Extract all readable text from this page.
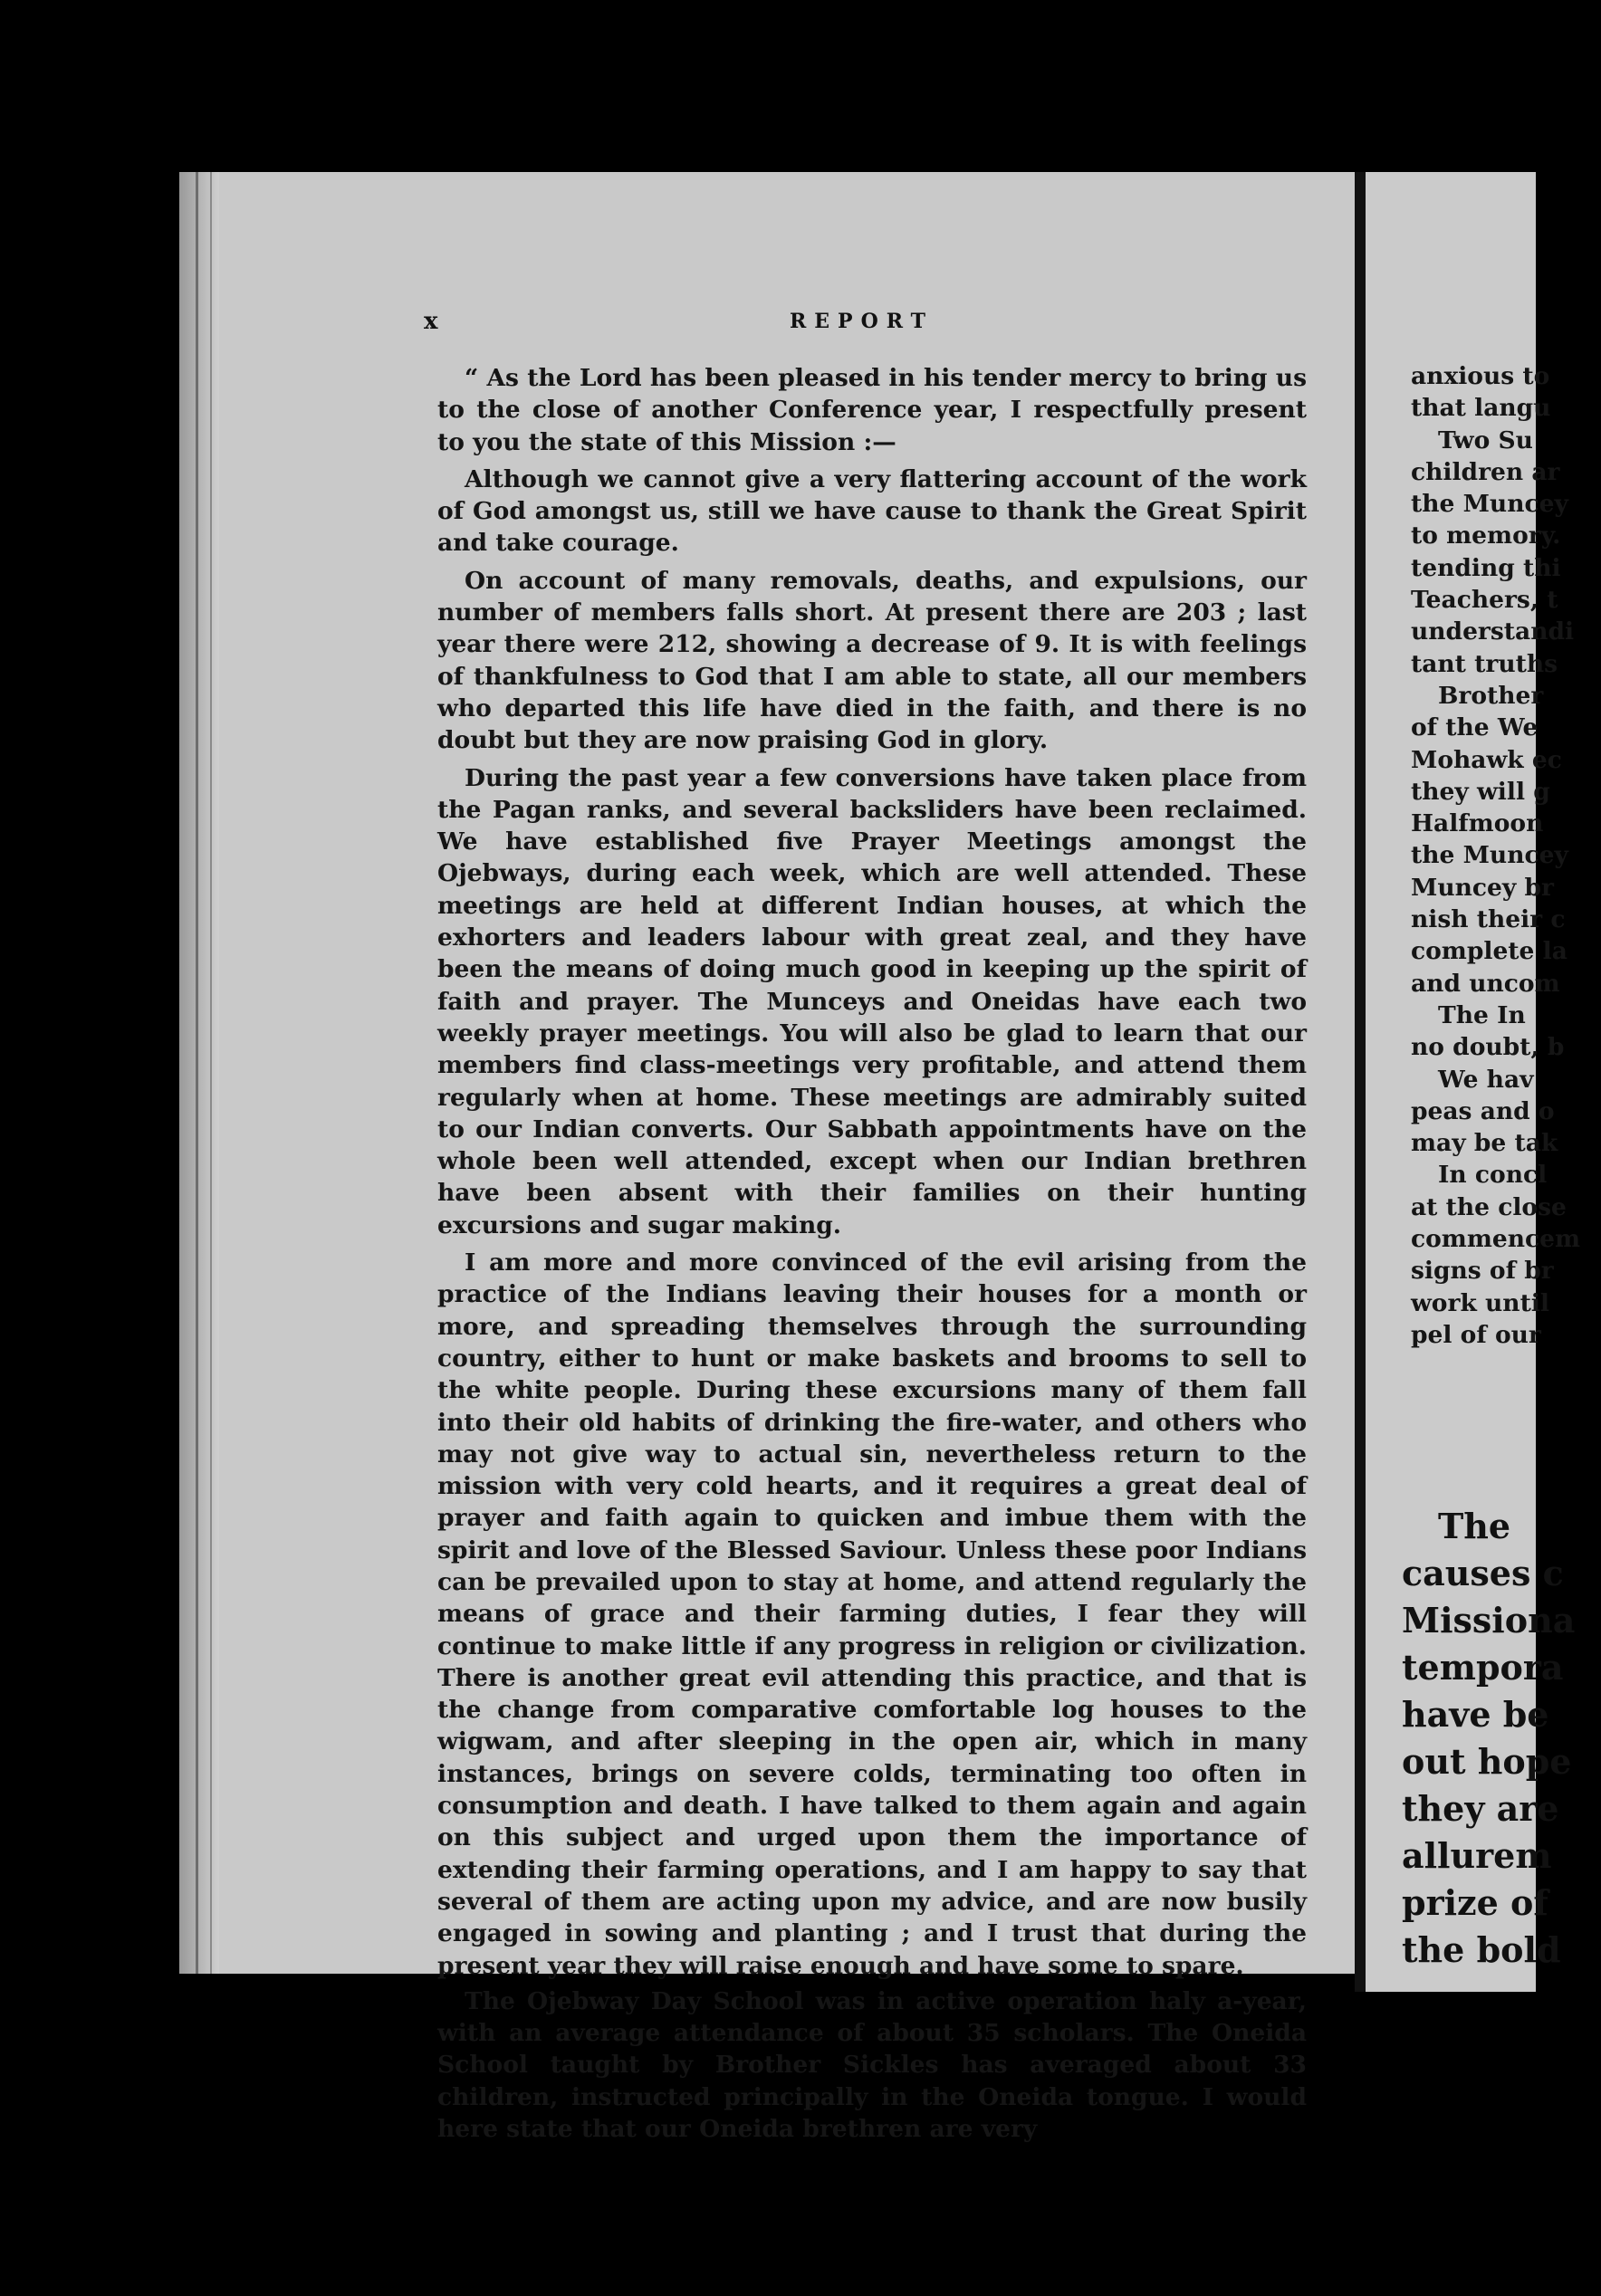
x	REPORT

“ As the Lord has been pleased in his tender mercy to bring us to the close of another Conference year, I respectfully present to you the state of this Mission :—

Although we cannot give a very flattering account of the work of God amongst us, still we have cause to thank the Great Spirit and take courage.

On account of many removals, deaths, and expulsions, our number of members falls short. At present there are 203 ; last year there were 212, showing a decrease of 9. It is with feelings of thankfulness to God that I am able to state, all our members who departed this life have died in the faith, and there is no doubt but they are now praising God in glory.

During the past year a few conversions have taken place from the Pagan ranks, and several backsliders have been reclaimed. We have established five Prayer Meetings amongst the Ojebways, during each week, which are well attended. These meetings are held at different Indian houses, at which the exhorters and leaders labour with great zeal, and they have been the means of doing much good in keeping up the spirit of faith and prayer. The Munceys and Oneidas have each two weekly prayer meetings. You will also be glad to learn that our members find class-meetings very profitable, and attend them regularly when at home. These meetings are admirably suited to our Indian converts. Our Sabbath appointments have on the whole been well attended, except when our Indian brethren have been absent with their families on their hunting excursions and sugar making.

I am more and more convinced of the evil arising from the practice of the Indians leaving their houses for a month or more, and spreading themselves through the surrounding country, either to hunt or make baskets and brooms to sell to the white people. During these excursions many of them fall into their old habits of drinking the fire-water, and others who may not give way to actual sin, nevertheless return to the mission with very cold hearts, and it requires a great deal of prayer and faith again to quicken and imbue them with the spirit and love of the Blessed Saviour. Unless these poor Indians can be prevailed upon to stay at home, and attend regularly the means of grace and their farming duties, I fear they will continue to make little if any progress in religion or civilization. There is another great evil attending this practice, and that is the change from comparative comfortable log houses to the wigwam, and after sleeping in the open air, which in many instances, brings on severe colds, terminating too often in consumption and death. I have talked to them again and again on this subject and urged upon them the importance of extending their farming operations, and I am happy to say that several of them are acting upon my advice, and are now busily engaged in sowing and planting ; and I trust that during the present year they will raise enough and have some to spare.

The Ojebway Day School was in active operation haly a-year, with an average attendance of about 35 scholars. The Oneida School taught by Brother Sickles has averaged about 33 children, instructed principally in the Oneida tongue. I would here state that our Oneida brethren are very

anxious to
that langu
Two Su
children ar
the Muncey
to memory.
tending thi
Teachers, t
understandi
tant truths
Brother
of the We
Mohawk ec
they will g
Halfmoon
the Muncey
Muncey br
nish their c
complete la
and uncom
The In
no doubt, b
We hav
peas and o
may be tak
In concl
at the close
commencem
signs of br
work until
pel of our
The
causes c
Missiona
tempora
have be
out hope
they are
allurem
prize of
the bold
